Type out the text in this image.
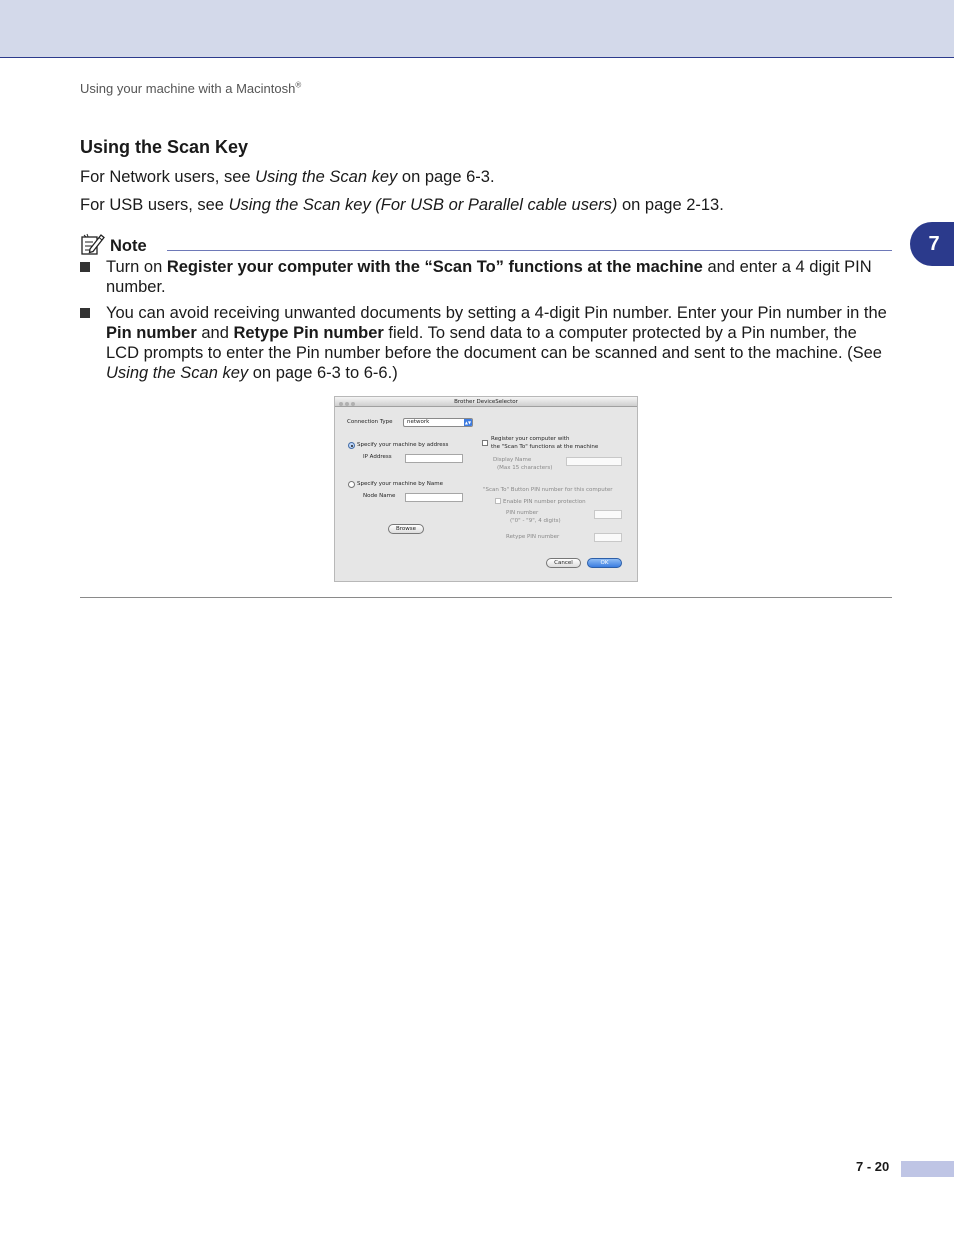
Using your machine with a Macintosh®
7
Using the Scan Key

For Network users, see Using the Scan key on page 6-3.

For USB users, see Using the Scan key (For USB or Parallel cable users) on page 2-13.

Note
Turn on Register your computer with the “Scan To” functions at the machine and enter a 4 digit PIN number.
You can avoid receiving unwanted documents by setting a 4-digit Pin number. Enter your Pin number in the Pin number and Retype Pin number field. To send data to a computer protected by a Pin number, the LCD prompts to enter the Pin number before the document can be scanned and sent to the machine. (See Using the Scan key on page 6-3 to 6-6.)
Brother DeviceSelector
Connection Type	network	▲▼
Specify your machine by address
IP Address
Specify your machine by Name
Node Name
Browse
Register your computer with
the "Scan To" functions at the machine
Display Name
(Max 15 characters)
"Scan To" Button PIN number for this computer
Enable PIN number protection
PIN number
("0" - "9", 4 digits)
Retype PIN number
Cancel	OK
7 - 20
